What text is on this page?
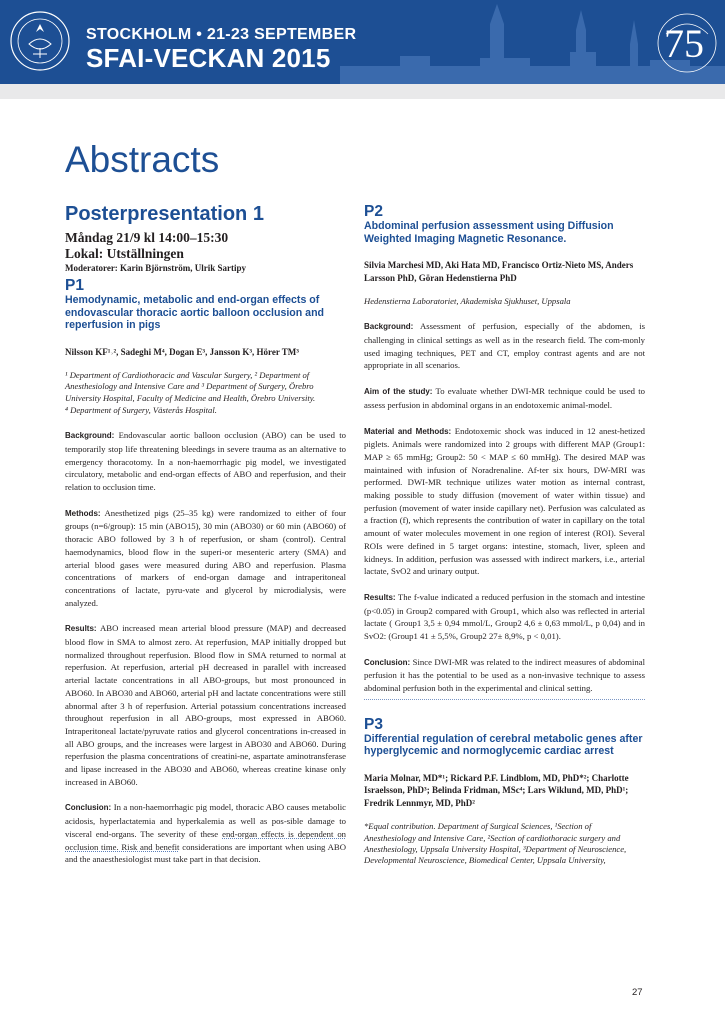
STOCKHOLM • 21-23 SEPTEMBER
SFAI-VECKAN 2015	75
Abstracts
Posterpresentation 1
Måndag 21/9 kl 14:00–15:30
Lokal: Utställningen
Moderatorer: Karin Björnström, Ulrik Sartipy
P1
Hemodynamic, metabolic and end-organ effects of endovascular thoracic aortic balloon occlusion and reperfusion in pigs
Nilsson KF¹˒², Sadeghi M⁴, Dogan E³, Jansson K³, Hörer TM³
¹ Department of Cardiothoracic and Vascular Surgery, ² Department of Anesthesiology and Intensive Care and ³ Department of Surgery, Örebro University Hospital, Faculty of Medicine and Health, Örebro University.
⁴ Department of Surgery, Västerås Hospital.

Background: Endovascular aortic balloon occlusion (ABO) can be used to temporarily stop life threatening bleedings in severe trauma as an alternative to emergency thoracotomy. In a non-haemorrhagic pig model, we investigated circulatory, metabolic and end-organ effects of ABO and reperfusion, and their relation to occlusion time.

Methods: Anesthetized pigs (25–35 kg) were randomized to either of four groups (n=6/group): 15 min (ABO15), 30 min (ABO30) or 60 min (ABO60) of thoracic ABO followed by 3 h of reperfusion, or sham (control). Central haemodynamics, blood flow in the superi-or mesenteric artery (SMA) and arterial blood gases were measured during ABO and reperfusion. Plasma concentrations of markers of end-organ damage and intraperitoneal concentrations of lactate, pyru-vate and glycerol by microdialysis, were analyzed.

Results: ABO increased mean arterial blood pressure (MAP) and decreased blood flow in SMA to almost zero. At reperfusion, MAP initially dropped but normalized throughout reperfusion. Blood flow in SMA returned to normal at reperfusion. At reperfusion, arterial pH decreased in parallel with increased arterial lactate concentrations in all ABO-groups, but most pronounced in ABO60. In ABO30 and ABO60, arterial pH and lactate concentrations were still abnormal after 3 h of reperfusion. Arterial potassium concentrations increased throughout reperfusion in all ABO-groups, most expressed in ABO60. Intraperitoneal lactate/pyruvate ratios and glycerol concentrations in-creased in all ABO groups, and the increases were largest in ABO30 and ABO60. During reperfusion the plasma concentrations of creatini-ne, aspartate aminotransferase and lipase increased in the ABO30 and ABO60, whereas creatine kinase only increased in ABO60.

Conclusion: In a non-haemorrhagic pig model, thoracic ABO causes metabolic acidosis, hyperlactatemia and hyperkalemia as well as pos-sible damage to visceral end-organs. The severity of these end-organ effects is dependent on occlusion time. Risk and benefit considerations are important when using ABO and the anaesthesiologist must take part in that decision.

P2
Abdominal perfusion assessment using Diffusion Weighted Imaging Magnetic Resonance.
Silvia Marchesi MD, Aki Hata MD, Francisco Ortiz-Nieto MS, Anders Larsson PhD, Göran Hedenstierna PhD
Hedenstierna Laboratoriet, Akademiska Sjukhuset, Uppsala

Background: Assessment of perfusion, especially of the abdomen, is challenging in clinical settings as well as in the research field. The com-monly used imaging techniques, PET and CT, employ contrast agents and are not appropriate in all scenarios.

Aim of the study: To evaluate whether DWI-MR technique could be used to assess perfusion in abdominal organs in an endotoxemic animal-model.

Material and Methods: Endotoxemic shock was induced in 12 anest-hetized piglets. Animals were randomized into 2 groups with different MAP (Group1: MAP ≥ 65 mmHg; Group2: 50 < MAP ≤ 60 mmHg). The desired MAP was maintained with infusion of Noradrenaline. Af-ter six hours, DW-MRI was performed. DWI-MR technique utilizes water motion as internal contrast, making possible to study diffusion (movement of water within tissue) and perfusion (movement of water inside capillary net). Perfusion was calculated as a fraction (f), which represents the contribution of water in capillary on the total amount of water molecules movement in one region of interest (ROI). Several ROIs were defined in 5 target organs: intestine, stomach, liver, spleen and kidneys. In addition, perfusion was assessed with indirect markers, i.e., arterial lactate, SvO2 and urinary output.

Results: The f-value indicated a reduced perfusion in the stomach and intestine (p<0.05) in Group2 compared with Group1, which also was reflected in arterial lactate ( Group1 3,5 ± 0,94 mmol/L, Group2 4,6 ± 0,63 mmol/L, p 0,04) and in SvO2: (Group1 41 ± 5,5%, Group2 27± 8,9%, p < 0,01).

Conclusion: Since DWI-MR was related to the indirect measures of abdominal perfusion it has the potential to be used as a non-invasive technique to assess abdominal perfusion both in the experimental and clinical setting.

P3
Differential regulation of cerebral metabolic genes after hyperglycemic and normoglycemic cardiac arrest
Maria Molnar, MD*¹; Rickard P.F. Lindblom, MD, PhD*²; Charlotte Israelsson, PhD³; Belinda Fridman, MSc⁴; Lars Wiklund, MD, PhD¹; Fredrik Lennmyr, MD, PhD²
*Equal contribution. Department of Surgical Sciences, ¹Section of Anesthesiology and Intensive Care, ²Section of cardiothoracic surgery and Anesthesiology, Uppsala University Hospital, ³Department of Neuroscience, Developmental Neuroscience, Biomedical Center, Uppsala University,
27
